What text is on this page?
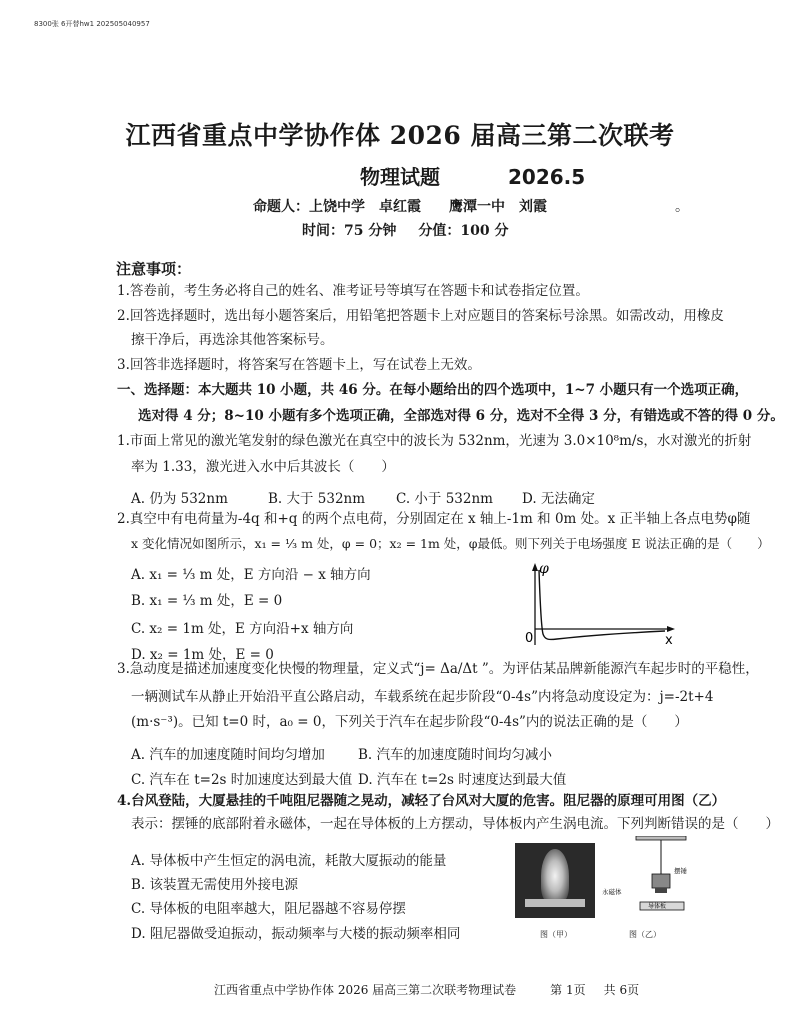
8300张 6开替hw1 202505040957
江西省重点中学协作体 2026 届高三第二次联考
物理试题	2026.5
命题人：上饶中学　卓红霞　　鹰潭一中　刘霞	。
时间：75 分钟 分值：100 分
注意事项：
1.答卷前，考生务必将自己的姓名、准考证号等填写在答题卡和试卷指定位置。
2.回答选择题时，选出每小题答案后，用铅笔把答题卡上对应题目的答案标号涂黑。如需改动，用橡皮
擦干净后，再选涂其他答案标号。
3.回答非选择题时，将答案写在答题卡上，写在试卷上无效。
一、选择题：本大题共 10 小题，共 46 分。在每小题给出的四个选项中，1~7 小题只有一个选项正确，
选对得 4 分；8~10 小题有多个选项正确，全部选对得 6 分，选对不全得 3 分，有错选或不答的得 0 分。
1.市面上常见的激光笔发射的绿色激光在真空中的波长为 532nm，光速为 3.0×10⁸m/s，水对激光的折射
率为 1.33，激光进入水中后其波长（　　）
A. 仍为 532nm	B. 大于 532nm C. 小于 532nm D. 无法确定
2.真空中有电荷量为-4q 和+q 的两个点电荷，分别固定在 x 轴上-1m 和 0m 处。x 正半轴上各点电势φ随
x 变化情况如图所示，x₁ = ⅓ m 处，φ = 0；x₂ = 1m 处，φ最低。则下列关于电场强度 E 说法正确的是（　　）
A. x₁ = ⅓ m 处，E 方向沿 − x 轴方向
B. x₁ = ⅓ m 处，E = 0
C. x₂ = 1m 处，E 方向沿+x 轴方向
D. x₂ = 1m 处，E = 0
φ
0	x
3.急动度是描述加速度变化快慢的物理量，定义式“j= Δa/Δt ”。为评估某品牌新能源汽车起步时的平稳性，
一辆测试车从静止开始沿平直公路启动，车载系统在起步阶段“0-4s”内将急动度设定为：j=-2t+4
(m·s⁻³)。已知 t=0 时，a₀ = 0，下列关于汽车在起步阶段“0-4s”内的说法正确的是（　　）
A. 汽车的加速度随时间均匀增加 B. 汽车的加速度随时间均匀减小
C. 汽车在 t=2s 时加速度达到最大值 D. 汽车在 t=2s 时速度达到最大值
4.台风登陆，大厦悬挂的千吨阻尼器随之晃动，减轻了台风对大厦的危害。阻尼器的原理可用图（乙）
表示：摆锤的底部附着永磁体，一起在导体板的上方摆动，导体板内产生涡电流。下列判断错误的是（　　）
A. 导体板中产生恒定的涡电流，耗散大厦振动的能量
B. 该装置无需使用外接电源
C. 导体板的电阻率越大，阻尼器越不容易停摆
D. 阻尼器做受迫振动，振动频率与大楼的振动频率相同	图（甲）
摆锤
永磁体
导体板
图（乙）
江西省重点中学协作体 2026 届高三第二次联考物理试卷	第 1页 共 6页
